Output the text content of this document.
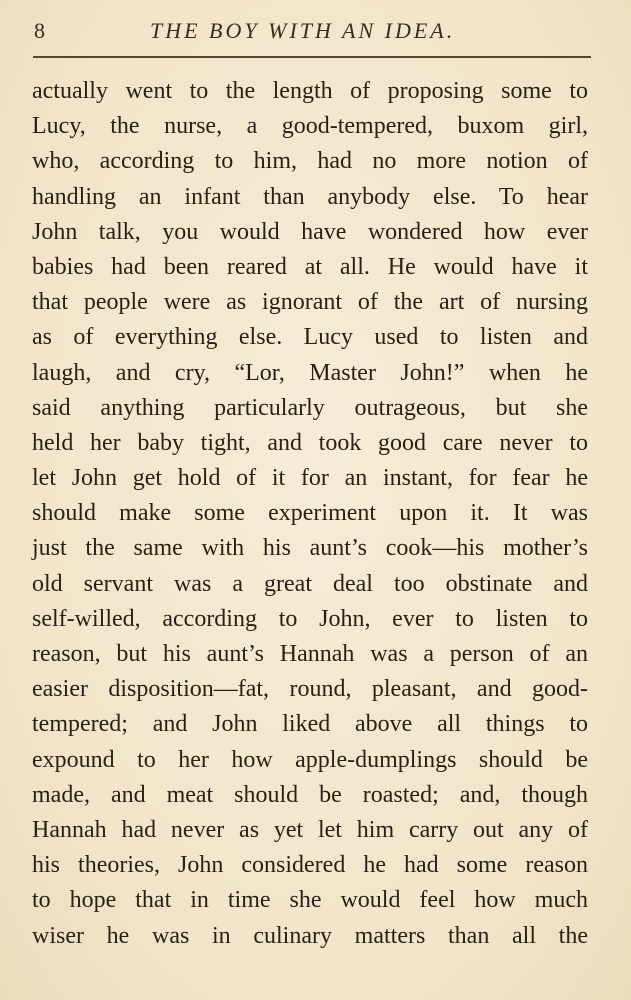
8	THE BOY WITH AN IDEA.
actually went to the length of proposing some to
Lucy, the nurse, a good-tempered, buxom girl,
who, according to him, had no more notion of
handling an infant than anybody else. To hear
John talk, you would have wondered how ever
babies had been reared at all. He would have it
that people were as ignorant of the art of nursing
as of everything else. Lucy used to listen and
laugh, and cry, “Lor, Master John!” when he
said anything particularly outrageous, but she
held her baby tight, and took good care never to
let John get hold of it for an instant, for fear he
should make some experiment upon it. It was
just the same with his aunt’s cook—his mother’s
old servant was a great deal too obstinate and
self-willed, according to John, ever to listen to
reason, but his aunt’s Hannah was a person of an
easier disposition—fat, round, pleasant, and good-
tempered; and John liked above all things to
expound to her how apple-dumplings should be
made, and meat should be roasted; and, though
Hannah had never as yet let him carry out any of
his theories, John considered he had some reason
to hope that in time she would feel how much
wiser he was in culinary matters than all the
